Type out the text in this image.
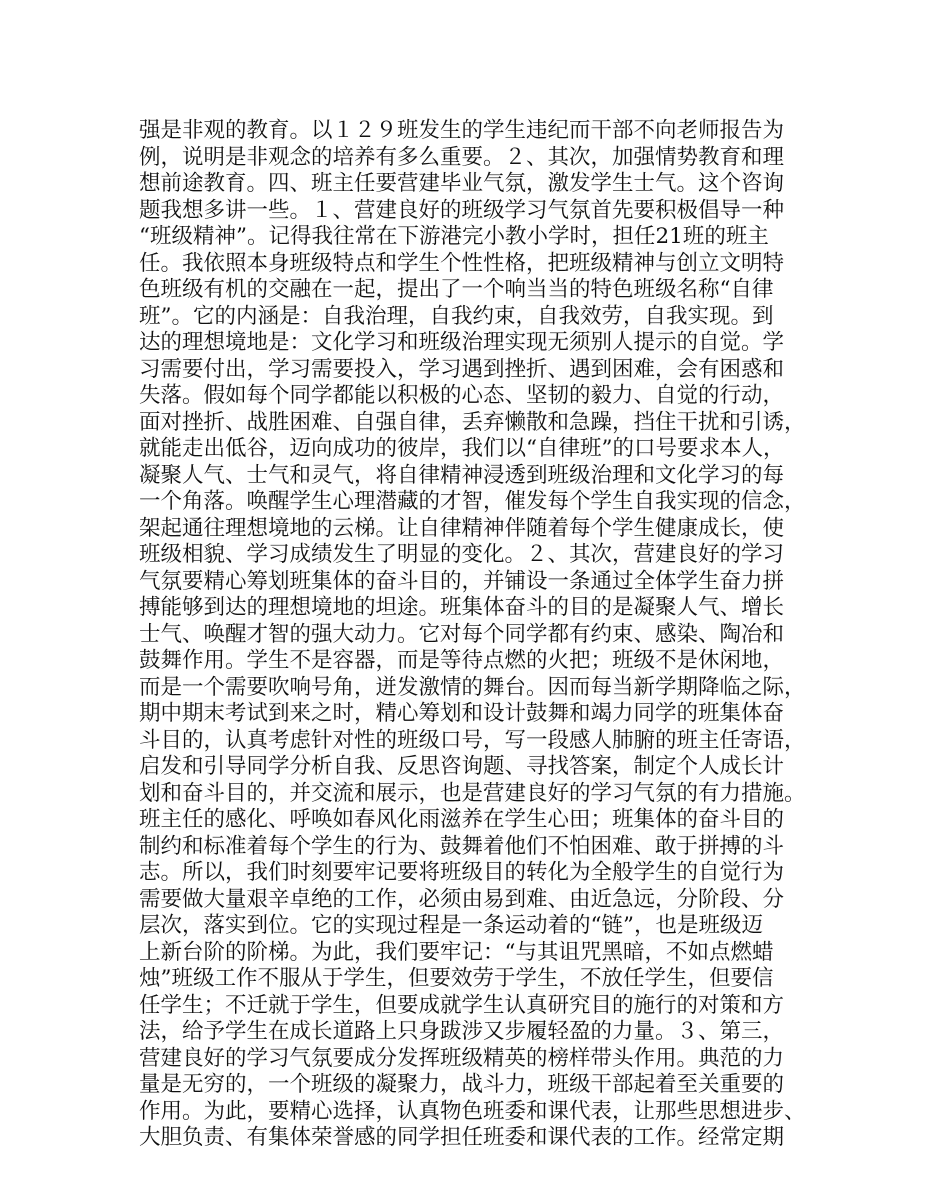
强是非观的教育。以１２９班发生的学生违纪而干部不向老师报告为
例，说明是非观念的培养有多么重要。２、其次，加强情势教育和理
想前途教育。四、班主任要营建毕业气氛，激发学生士气。这个咨询
题我想多讲一些。１、营建良好的班级学习气氛首先要积极倡导一种
“班级精神”。记得我往常在下游港完小教小学时，担任21班的班主
任。我依照本身班级特点和学生个性性格，把班级精神与创立文明特
色班级有机的交融在一起，提出了一个响当当的特色班级名称“自律
班”。它的内涵是：自我治理，自我约束，自我效劳，自我实现。到
达的理想境地是：文化学习和班级治理实现无须别人提示的自觉。学
习需要付出，学习需要投入，学习遇到挫折、遇到困难，会有困惑和
失落。假如每个同学都能以积极的心态、坚韧的毅力、自觉的行动，
面对挫折、战胜困难、自强自律，丢弃懒散和急躁，挡住干扰和引诱，
就能走出低谷，迈向成功的彼岸，我们以“自律班”的口号要求本人，
凝聚人气、士气和灵气，将自律精神浸透到班级治理和文化学习的每
一个角落。唤醒学生心理潜藏的才智，催发每个学生自我实现的信念，
架起通往理想境地的云梯。让自律精神伴随着每个学生健康成长，使
班级相貌、学习成绩发生了明显的变化。２、其次，营建良好的学习
气氛要精心筹划班集体的奋斗目的，并铺设一条通过全体学生奋力拼
搏能够到达的理想境地的坦途。班集体奋斗的目的是凝聚人气、增长
士气、唤醒才智的强大动力。它对每个同学都有约束、感染、陶冶和
鼓舞作用。学生不是容器，而是等待点燃的火把；班级不是休闲地，
而是一个需要吹响号角，迸发激情的舞台。因而每当新学期降临之际，
期中期末考试到来之时，精心筹划和设计鼓舞和竭力同学的班集体奋
斗目的，认真考虑针对性的班级口号，写一段感人肺腑的班主任寄语，
启发和引导同学分析自我、反思咨询题、寻找答案，制定个人成长计
划和奋斗目的，并交流和展示，也是营建良好的学习气氛的有力措施。
班主任的感化、呼唤如春风化雨滋养在学生心田；班集体的奋斗目的
制约和标准着每个学生的行为、鼓舞着他们不怕困难、敢于拼搏的斗
志。所以，我们时刻要牢记要将班级目的转化为全般学生的自觉行为
需要做大量艰辛卓绝的工作，必须由易到难、由近急远，分阶段、分
层次，落实到位。它的实现过程是一条运动着的“链”，也是班级迈
上新台阶的阶梯。为此，我们要牢记：“与其诅咒黑暗，不如点燃蜡
烛”班级工作不服从于学生，但要效劳于学生，不放任学生，但要信
任学生；不迁就于学生，但要成就学生认真研究目的施行的对策和方
法，给予学生在成长道路上只身跋涉又步履轻盈的力量。３、第三，
营建良好的学习气氛要成分发挥班级精英的榜样带头作用。典范的力
量是无穷的，一个班级的凝聚力，战斗力，班级干部起着至关重要的
作用。为此，要精心选择，认真物色班委和课代表，让那些思想进步、
大胆负责、有集体荣誉感的同学担任班委和课代表的工作。经常定期
